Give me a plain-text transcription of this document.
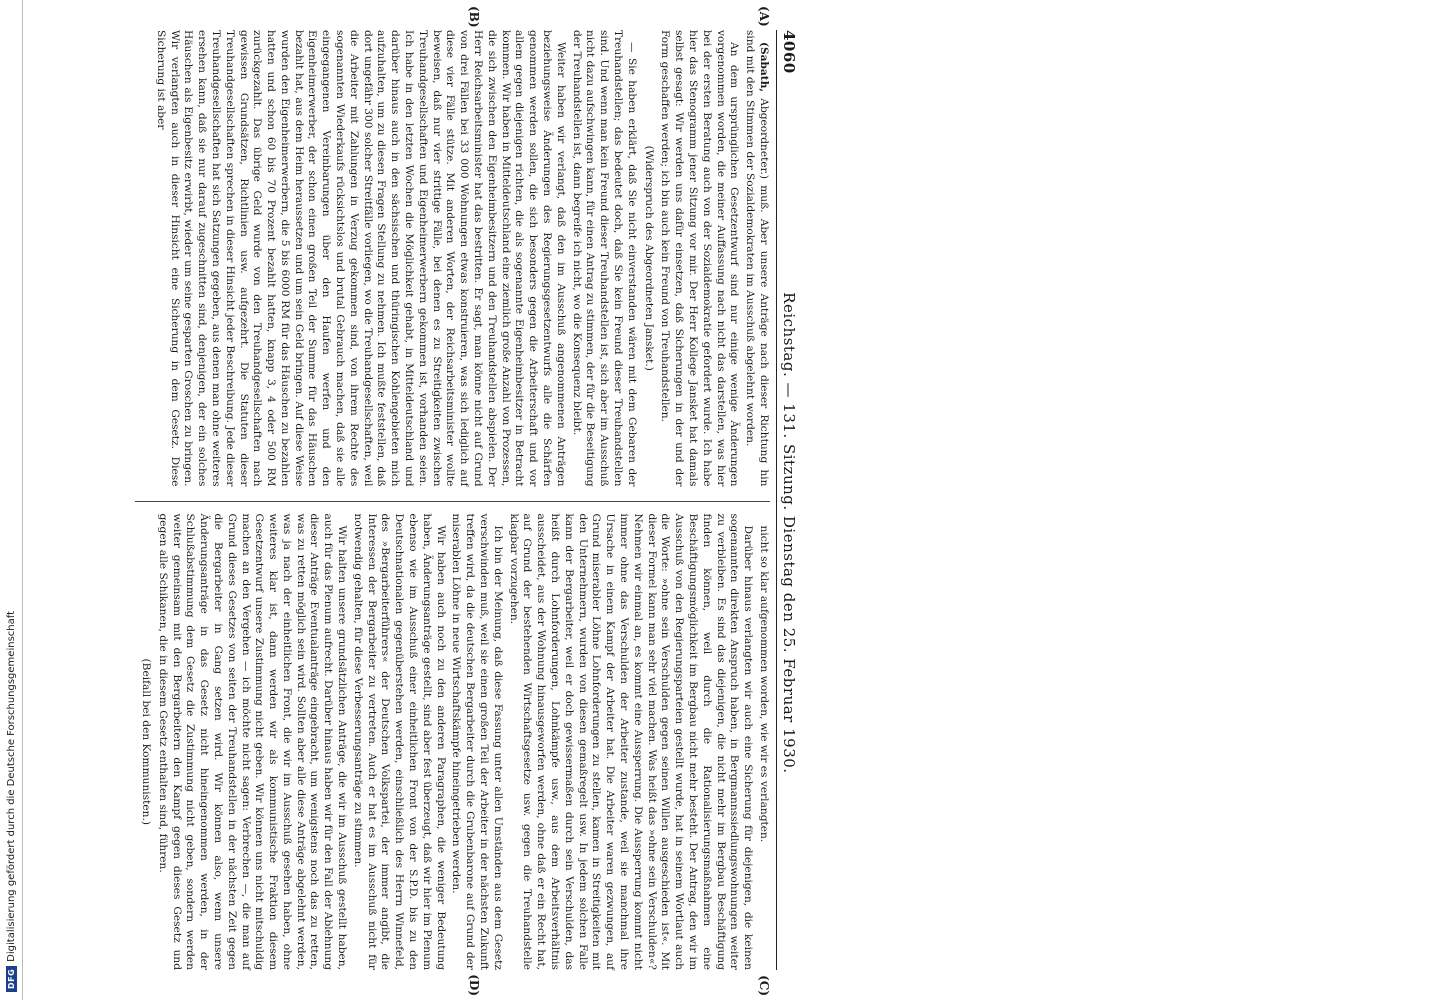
DFG
Digitalisierung gefördert durch die Deutsche Forschungsgemeinschaft
4060
Reichstag. — 131. Sitzung. Dienstag den 25. Februar 1930.
(A)
(B)

(Sabath, Abgeordneter.) muß. Aber unsere Anträge nach dieser Richtung hin sind mit den Stimmen der Sozialdemokraten im Ausschuß abgelehnt worden.

An dem ursprünglichen Gesetzentwurf sind nur einige wenige Änderungen vorgenommen worden, die meiner Auffassung nach nicht das darstellen, was hier bei der ersten Beratung auch von der Sozialdemokratie gefordert wurde. Ich habe hier das Stenogramm jener Sitzung vor mir. Der Herr Kollege Jansket hat damals selbst gesagt: Wir werden uns dafür einsetzen, daß Sicherungen in der und der Form geschaffen werden; ich bin auch kein Freund von Treuhandstellen.

(Widerspruch des Abgeordneten Jansket.)

— Sie haben erklärt, daß Sie nicht einverstanden wären mit dem Gebaren der Treuhandstellen; das bedeutet doch, daß Sie kein Freund dieser Treuhandstellen sind. Und wenn man kein Freund dieser Treuhandstellen ist, sich aber im Ausschuß nicht dazu aufschwingen kann, für einen Antrag zu stimmen, der für die Beseitigung der Treuhandstellen ist, dann begreife ich nicht, wo die Konsequenz bleibt.

Weiter haben wir verlangt, daß den im Ausschuß angenommenen Anträgen beziehungsweise Änderungen des Regierungsgesetzentwurfs alle die Schärfen genommen werden sollen, die sich besonders gegen die Arbeiterschaft und vor allem gegen diejenigen richten, die als sogenannte Eigenheimbesitzer in Betracht kommen. Wir haben in Mitteldeutschland eine ziemlich große Anzahl von Prozessen, die sich zwischen den Eigenheimbesitzern und den Treuhandstellen abspielen. Der Herr Reichsarbeitsminister hat das bestritten. Er sagt, man könne nicht auf Grund von drei Fällen bei 33 000 Wohnungen etwas konstruieren, was sich lediglich auf diese vier Fälle stütze. Mit anderen Worten, der Reichsarbeitsminister wollte beweisen, daß nur vier strittige Fälle, bei denen es zu Streitigkeiten zwischen Treuhandgesellschaften und Eigenheimerwerbern gekommen ist, vorhanden seien. Ich habe in den letzten Wochen die Möglichkeit gehabt, in Mitteldeutschland und darüber hinaus auch in den sächsischen und thüringischen Kohlengebieten mich aufzuhalten, um zu diesen Fragen Stellung zu nehmen. Ich mußte feststellen, daß dort ungefähr 300 solcher Streitfälle vorliegen, wo die Treuhandgesellschaften, weil die Arbeiter mit Zahlungen in Verzug gekommen sind, von ihrem Rechte des sogenannten Wiederkaufs rücksichtslos und brutal Gebrauch machen, daß sie alle eingegangenen Vereinbarungen über den Haufen werfen und den Eigenheimerwerber, der schon einen großen Teil der Summe für das Häuschen bezahlt hat, aus dem Heim heraussetzen und um sein Geld bringen. Auf diese Weise wurden den Eigenheimerwerbern, die 5 bis 6000 RM für das Häuschen zu bezahlen hatten und schon 60 bis 70 Prozent bezahlt hatten, knapp 3, 4 oder 500 RM zurückgezahlt. Das übrige Geld wurde von den Treuhandgesellschaften nach gewissen Grundsätzen, Richtlinien usw. aufgezehrt. Die Statuten dieser Treuhandgesellschaften sprechen in dieser Hinsicht jeder Beschreibung. Jede dieser Treuhandgesellschaften hat sich Satzungen gegeben, aus denen man ohne weiteres ersehen kann, daß sie nur darauf zugeschnitten sind, denjenigen, der ein solches Häuschen als Eigenbesitz erwirbt, wieder um seine gesparten Groschen zu bringen. Wir verlangten auch in dieser Hinsicht eine Sicherung in dem Gesetz. Diese Sicherung ist aber

(C)
(D)

nicht so klar aufgenommen worden, wie wir es verlangten.

Darüber hinaus verlangten wir auch eine Sicherung für diejenigen, die keinen sogenannten direkten Anspruch haben, in Bergmannssiedlungswohnungen weiter zu verbleiben. Es sind das diejenigen, die nicht mehr im Bergbau Beschäftigung finden können, weil durch die Rationalisierungsmaßnahmen eine Beschäftigungsmöglichkeit im Bergbau nicht mehr besteht. Der Antrag, den wir im Ausschuß von den Regierungsparteien gestellt wurde, hat in seinem Wortlaut auch die Worte: »ohne sein Verschulden gegen seinen Willen ausgeschieden ist«. Mit dieser Formel kann man sehr viel machen. Was heißt das »ohne sein Verschulden«? Nehmen wir einmal an, es kommt eine Aussperrung. Die Aussperrung kommt nicht immer ohne das Verschulden der Arbeiter zustande, weil sie manchmal ihre Ursache in einem Kampf der Arbeiter hat. Die Arbeiter waren gezwungen, auf Grund miserabler Löhne Lohnforderungen zu stellen, kamen in Streitigkeiten mit den Unternehmern, wurden von diesen gemaßregelt usw. In jedem solchen Falle kann der Bergarbeiter, weil er doch gewissermaßen durch sein Verschulden, das heißt durch Lohnforderungen, Lohnkämpfe usw., aus dem Arbeitsverhältnis ausscheidet, aus der Wohnung hinausgeworfen werden, ohne daß er ein Recht hat, auf Grund der bestehenden Wirtschaftsgesetze usw. gegen die Treuhandstelle klagbar vorzugehen.

Ich bin der Meinung, daß diese Fassung unter allen Umständen aus dem Gesetz verschwinden muß, weil sie einen großen Teil der Arbeiter in der nächsten Zukunft treffen wird, da die deutschen Bergarbeiter durch die Grubenbarone auf Grund der miserablen Löhne in neue Wirtschaftskämpfe hineingetrieben werden.

Wir haben auch noch zu den anderen Paragraphen, die weniger Bedeutung haben, Änderungsanträge gestellt, sind aber fest überzeugt, daß wir hier im Plenum ebenso wie im Ausschuß einer einheitlichen Front von der S.P.D. bis zu den Deutschnationalen gegenüberstehen werden, einschließlich des Herrn Winnefeld, des »Bergarbeiterführers« der Deutschen Volkspartei, der immer angibt, die Interessen der Bergarbeiter zu vertreten. Auch er hat es im Ausschuß nicht für notwendig gehalten, für diese Verbesserungsanträge zu stimmen.

Wir halten unsere grundsätzlichen Anträge, die wir im Ausschuß gestellt haben, auch für das Plenum aufrecht. Darüber hinaus haben wir für den Fall der Ablehnung dieser Anträge Eventualanträge eingebracht, um wenigstens noch das zu retten, was zu retten möglich sein wird. Sollten aber alle diese Anträge abgelehnt werden, was ja nach der einheitlichen Front, die wir im Ausschuß gesehen haben, ohne weiteres klar ist, dann werden wir als kommunistische Fraktion diesem Gesetzentwurf unsere Zustimmung nicht geben. Wir können uns nicht mitschuldig machen an den Vergehen — ich möchte nicht sagen: Verbrechen —, die man auf Grund dieses Gesetzes von seiten der Treuhandstellen in der nächsten Zeit gegen die Bergarbeiter in Gang setzen wird. Wir können also, wenn unsere Änderungsanträge in das Gesetz nicht hineingenommen werden, in der Schlußabstimmung dem Gesetz die Zustimmung nicht geben, sondern werden weiter gemeinsam mit den Bergarbeitern den Kampf gegen dieses Gesetz und gegen alle Schikanen, die in diesem Gesetz enthalten sind, führen.

(Beifall bei den Kommunisten.)
